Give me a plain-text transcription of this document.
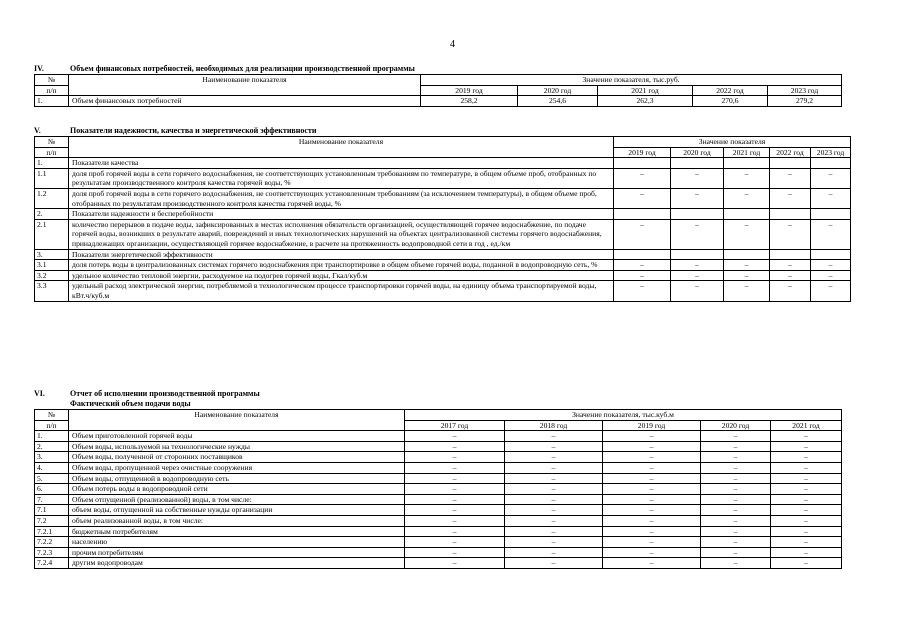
4
IV.	Объем финансовых потребностей, необходимых для реализации производственной программы
№	Наименование показателя	Значение показателя, тыс.руб.				
п/п		2019 год	2020 год	2021 год	2022 год	2023 год
1.	Объем финансовых потребностей	258,2	254,6	262,3	270,6	279,2
V.	Показатели надежности, качества и энергетической эффективности
№	Наименование показателя	Значение показателя				
п/п		2019 год	2020 год	2021 год	2022 год	2023 год
1.	Показатели качества					
1.1	доля проб горячей воды в сети горячего водоснабжения, не соответствующих установленным требованиям по температуре, в общем объеме проб, отобранных по результатам производственного контроля качества горячей воды, %	–	–	–	–	–
1.2	доля проб горячей воды в сети горячего водоснабжения, не соответствующих установленным требованиям (за исключением температуры), в общем объеме проб, отобранных по результатам производственного контроля качества горячей воды, %	–	–	–	–	–
2.	Показатели надежности и бесперебойности					
2.1	количество перерывов в подаче воды, зафиксированных в местах исполнения обязательств организацией, осуществляющей горячее водоснабжение, по подаче горячей воды, возникших в результате аварий, повреждений и иных технологических нарушений на объектах централизованной системы горячего водоснабжения, принадлежащих организации, осуществляющей горячее водоснабжение, в расчете на протяженность водопроводной сети в год , ед./км	–	–	–	–	–
3.	Показатели энергетической эффективности					
3.1	доля потерь воды в централизованных системах горячего водоснабжения при транспортировке в общем объеме горячей воды, поданной в водопроводную сеть, %	–	–	–	–	–
3.2	удельное количество тепловой энергии, расходуемое на подогрев горячей воды, Гкал/куб.м	–	–	–	–	–
3.3	удельный расход электрической энергии, потребляемой в технологическом процессе транспортировки горячей воды, на единицу объема транспортируемой воды, кВт.ч/куб.м	–	–	–	–	–
VI.	Отчет об исполнении производственной программы
Фактический объем подачи воды
№	Наименование показателя	Значение показателя, тыс.куб.м				
п/п		2017 год	2018 год	2019 год	2020 год	2021 год
1.	Объем приготовленной горячей воды	–	–	–	–	–
2.	Объем воды, используемой на технологические нужды	–	–	–	–	–
3.	Объем воды, полученной от сторонних поставщиков	–	–	–	–	–
4.	Объем воды, пропущенной через очистные сооружения	–	–	–	–	–
5.	Объем воды, отпущенной в водопроводную сеть	–	–	–	–	–
6.	Объем потерь воды в водопроводной сети	–	–	–	–	–
7.	Объем отпущенной (реализованной) воды, в том числе:	–	–	–	–	–
7.1	объем воды, отпущенной на собственные нужды организации	–	–	–	–	–
7.2	объем реализованной воды, в том числе:	–	–	–	–	–
7.2.1	бюджетным потребителям	–	–	–	–	–
7.2.2	населению	–	–	–	–	–
7.2.3	прочим потребителям	–	–	–	–	–
7.2.4	другим водопроводам	–	–	–	–	–
